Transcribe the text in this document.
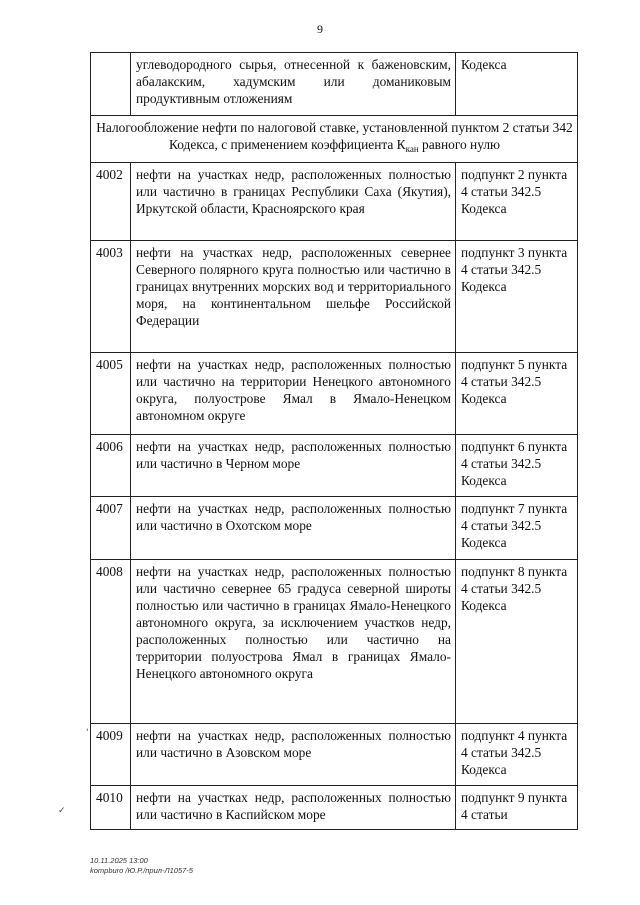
9
	углеводородного сырья, отнесенной к баженовским, абалакским, хадумским или доманиковым продуктивным отложениям	Кодекса
Налогообложение нефти по налоговой ставке, установленной пунктом 2 статьи 342 Кодекса, с применением коэффициента $К_{кан}$ равного нулю		
4002	нефти на участках недр, расположенных полностью или частично в границах Республики Саха (Якутия), Иркутской области, Красноярского края	подпункт 2 пункта 4 статьи 342.5 Кодекса
4003	нефти на участках недр, расположенных севернее Северного полярного круга полностью или частично в границах внутренних морских вод и территориального моря, на континентальном шельфе Российской Федерации	подпункт 3 пункта 4 статьи 342.5 Кодекса
4005	нефти на участках недр, расположенных полностью или частично на территории Ненецкого автономного округа, полуострове Ямал в Ямало-Ненецком автономном округе	подпункт 5 пункта 4 статьи 342.5 Кодекса
4006	нефти на участках недр, расположенных полностью или частично в Черном море	подпункт 6 пункта 4 статьи 342.5 Кодекса
4007	нефти на участках недр, расположенных полностью или частично в Охотском море	подпункт 7 пункта 4 статьи 342.5 Кодекса
4008	нефти на участках недр, расположенных полностью или частично севернее 65 градуса северной широты полностью или частично в границах Ямало-Ненецкого автономного округа, за исключением участков недр, расположенных полностью или частично на территории полуострова Ямал в границах Ямало-Ненецкого автономного округа	подпункт 8 пункта 4 статьи 342.5 Кодекса
4009	нефти на участках недр, расположенных полностью или частично в Азовском море	подпункт 4 пункта 4 статьи 342.5 Кодекса
4010	нефти на участках недр, расположенных полностью или частично в Каспийском море	подпункт 9 пункта 4 статьи
'
✓
10.11.2025 13:00
kompburo /Ю.Р./прил-Л1057-5
